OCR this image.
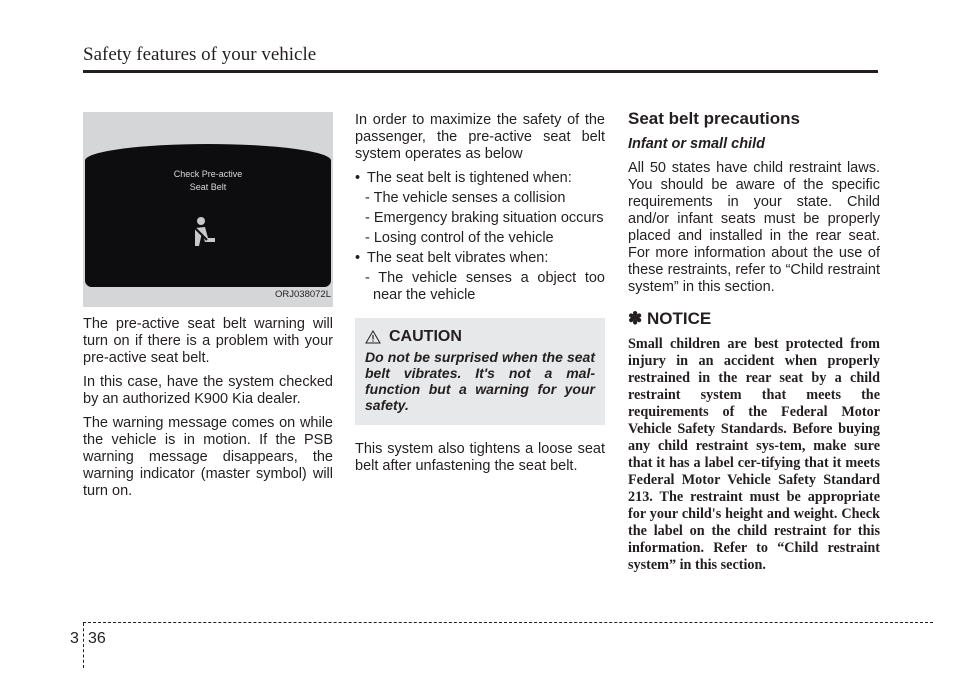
Safety features of your vehicle
Check Pre-active
Seat Belt
ORJ038072L

The pre-active seat belt warning will turn on if there is a problem with your pre-active seat belt.

In this case, have the system checked by an authorized K900 Kia dealer.

The warning message comes on while the vehicle is in motion. If the PSB warning message disappears, the warning indicator (master symbol) will turn on.

In order to maximize the safety of the passenger, the pre-active seat belt system operates as below

• The seat belt is tightened when:
- The vehicle senses a collision
- Emergency braking situation occurs
- Losing control of the vehicle
• The seat belt vibrates when:
- The vehicle senses a object too near the vehicle
CAUTION
Do not be surprised when the seat belt vibrates. It's not a mal-function but a warning for your safety.

This system also tightens a loose seat belt after unfastening the seat belt.

Seat belt precautions
Infant or small child

All 50 states have child restraint laws. You should be aware of the specific requirements in your state. Child and/or infant seats must be properly placed and installed in the rear seat. For more information about the use of these restraints, refer to “Child restraint system” in this section.

✽ NOTICE

Small children are best protected from injury in an accident when properly restrained in the rear seat by a child restraint system that meets the requirements of the Federal Motor Vehicle Safety Standards. Before buying any child restraint sys-tem, make sure that it has a label cer-tifying that it meets Federal Motor Vehicle Safety Standard 213. The restraint must be appropriate for your child's height and weight. Check the label on the child restraint for this information. Refer to “Child restraint system” in this section.

3 36
